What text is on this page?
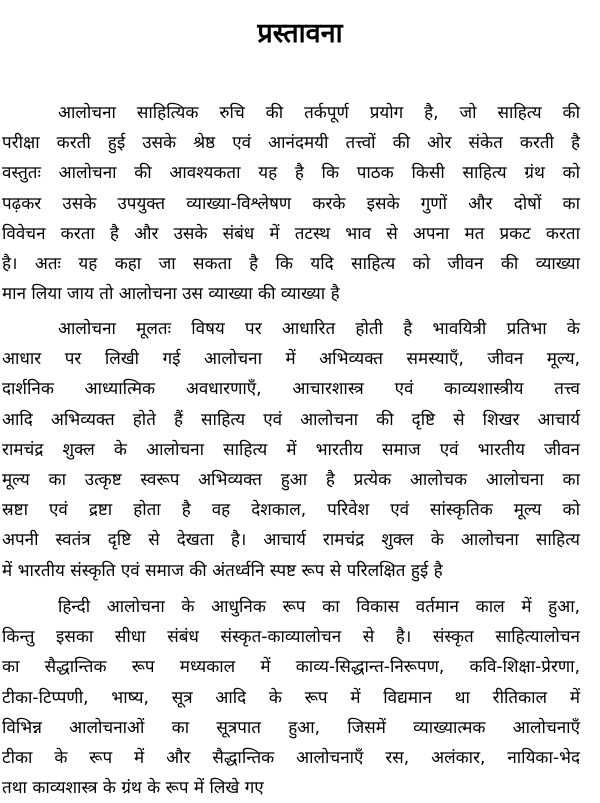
प्रस्तावना
आलोचना साहित्यिक रुचि की तर्कपूर्ण प्रयोग है, जो साहित्य की
परीक्षा करती हुई उसके श्रेष्ठ एवं आनंदमयी तत्त्वों की ओर संकेत करती है
वस्तुतः आलोचना की आवश्यकता यह है कि पाठक किसी साहित्य ग्रंथ को
पढ़कर उसके उपयुक्त व्याख्या-विश्लेषण करके इसके गुणों और दोषों का
विवेचन करता है और उसके संबंध में तटस्थ भाव से अपना मत प्रकट करता
है। अतः यह कहा जा सकता है कि यदि साहित्य को जीवन की व्याख्या
मान लिया जाय तो आलोचना उस व्याख्या की व्याख्या है
आलोचना मूलतः विषय पर आधारित होती है भावयित्री प्रतिभा के
आधार पर लिखी गई आलोचना में अभिव्यक्त समस्याएँ, जीवन मूल्य,
दार्शनिक आध्यात्मिक अवधारणाएँ, आचारशास्त्र एवं काव्यशास्त्रीय तत्त्व
आदि अभिव्यक्त होते हैं साहित्य एवं आलोचना की दृष्टि से शिखर आचार्य
रामचंद्र शुक्ल के आलोचना साहित्य में भारतीय समाज एवं भारतीय जीवन
मूल्य का उत्कृष्ट स्वरूप अभिव्यक्त हुआ है प्रत्येक आलोचक आलोचना का
स्रष्टा एवं द्रष्टा होता है वह देशकाल, परिवेश एवं सांस्कृतिक मूल्य को
अपनी स्वतंत्र दृष्टि से देखता है। आचार्य रामचंद्र शुक्ल के आलोचना साहित्य
में भारतीय संस्कृति एवं समाज की अंतर्ध्वनि स्पष्ट रूप से परिलक्षित हुई है
हिन्दी आलोचना के आधुनिक रूप का विकास वर्तमान काल में हुआ,
किन्तु इसका सीधा संबंध संस्कृत-काव्यालोचन से है। संस्कृत साहित्यालोचन
का सैद्धान्तिक रूप मध्यकाल में काव्य-सिद्धान्त-निरूपण, कवि-शिक्षा-प्रेरणा,
टीका-टिप्पणी, भाष्य, सूत्र आदि के रूप में विद्यमान था रीतिकाल में
विभिन्न आलोचनाओं का सूत्रपात हुआ, जिसमें व्याख्यात्मक आलोचनाएँ
टीका के रूप में और सैद्धान्तिक आलोचनाएँ रस, अलंकार, नायिका-भेद
तथा काव्यशास्त्र के ग्रंथ के रूप में लिखे गए
